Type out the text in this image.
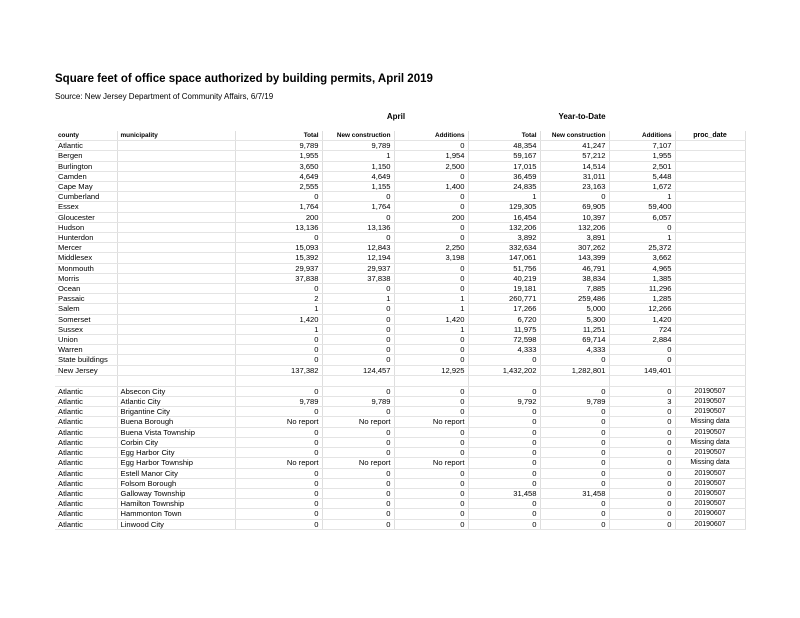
Square feet of office space authorized by building permits, April 2019
Source: New Jersey Department of Community Affairs, 6/7/19
April	Year-to-Date
county	municipality	Total	New construction	Additions	Total	New construction	Additions	proc_date
Atlantic		9,789	9,789	0	48,354	41,247	7,107	
Bergen		1,955	1	1,954	59,167	57,212	1,955	
Burlington		3,650	1,150	2,500	17,015	14,514	2,501	
Camden		4,649	4,649	0	36,459	31,011	5,448	
Cape May		2,555	1,155	1,400	24,835	23,163	1,672	
Cumberland		0	0	0	1	0	1	
Essex		1,764	1,764	0	129,305	69,905	59,400	
Gloucester		200	0	200	16,454	10,397	6,057	
Hudson		13,136	13,136	0	132,206	132,206	0	
Hunterdon		0	0	0	3,892	3,891	1	
Mercer		15,093	12,843	2,250	332,634	307,262	25,372	
Middlesex		15,392	12,194	3,198	147,061	143,399	3,662	
Monmouth		29,937	29,937	0	51,756	46,791	4,965	
Morris		37,838	37,838	0	40,219	38,834	1,385	
Ocean		0	0	0	19,181	7,885	11,296	
Passaic		2	1	1	260,771	259,486	1,285	
Salem		1	0	1	17,266	5,000	12,266	
Somerset		1,420	0	1,420	6,720	5,300	1,420	
Sussex		1	0	1	11,975	11,251	724	
Union		0	0	0	72,598	69,714	2,884	
Warren		0	0	0	4,333	4,333	0	
State buildings		0	0	0	0	0	0	
New Jersey		137,382	124,457	12,925	1,432,202	1,282,801	149,401	

Atlantic	Absecon City	0	0	0	0	0	0	20190507
Atlantic	Atlantic City	9,789	9,789	0	9,792	9,789	3	20190507
Atlantic	Brigantine City	0	0	0	0	0	0	20190507
Atlantic	Buena Borough	No report	No report	No report	0	0	0	Missing data
Atlantic	Buena Vista Township	0	0	0	0	0	0	20190507
Atlantic	Corbin City	0	0	0	0	0	0	Missing data
Atlantic	Egg Harbor City	0	0	0	0	0	0	20190507
Atlantic	Egg Harbor Township	No report	No report	No report	0	0	0	Missing data
Atlantic	Estell Manor City	0	0	0	0	0	0	20190507
Atlantic	Folsom Borough	0	0	0	0	0	0	20190507
Atlantic	Galloway Township	0	0	0	31,458	31,458	0	20190507
Atlantic	Hamilton Township	0	0	0	0	0	0	20190507
Atlantic	Hammonton Town	0	0	0	0	0	0	20190607
Atlantic	Linwood City	0	0	0	0	0	0	20190607
